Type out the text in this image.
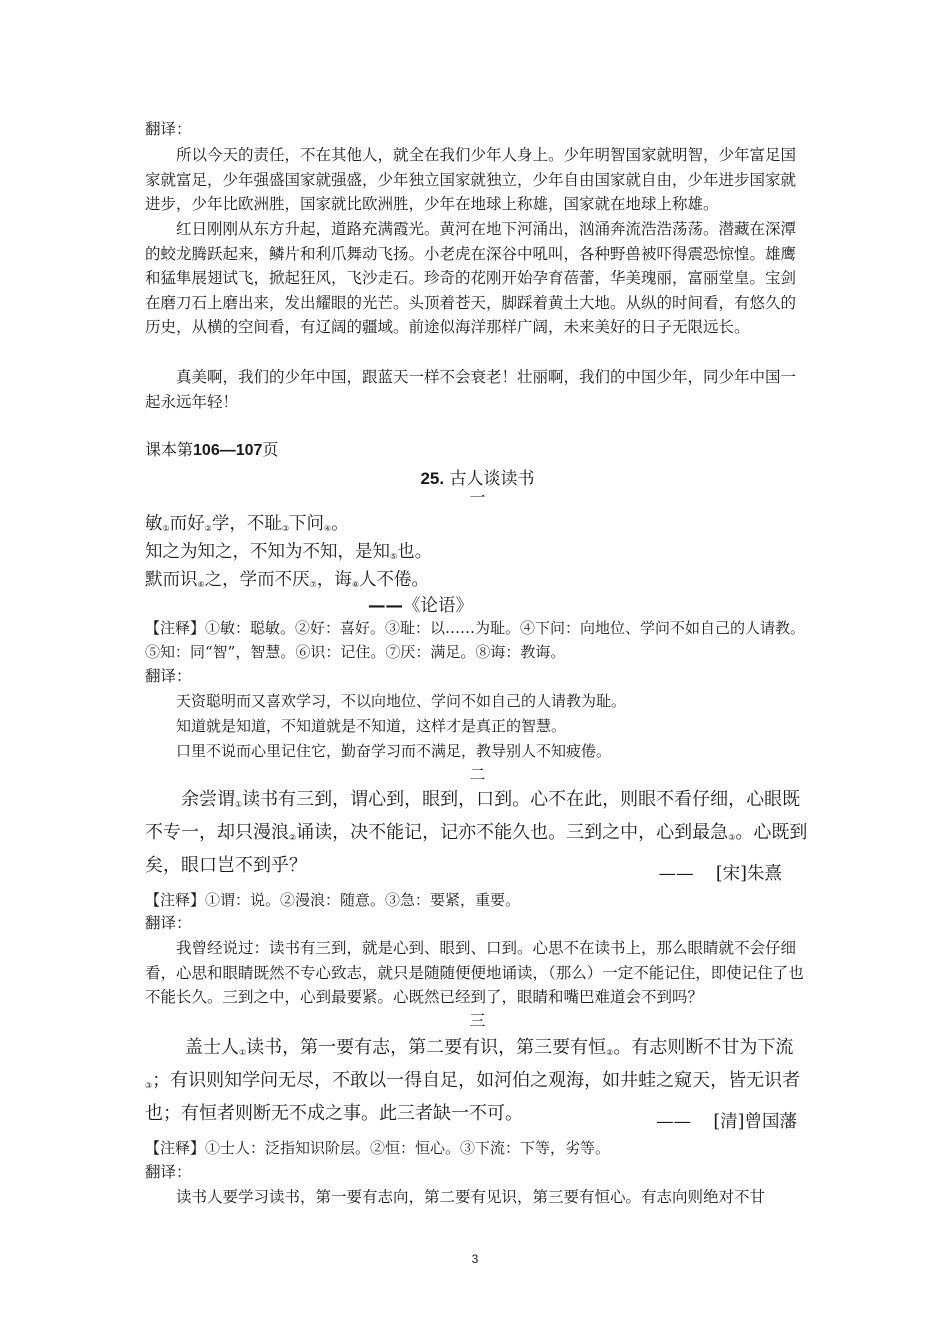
翻译：
所以今天的责任，不在其他人，就全在我们少年人身上。少年明智国家就明智，少年富足国家就富足，少年强盛国家就强盛，少年独立国家就独立，少年自由国家就自由，少年进步国家就进步，少年比欧洲胜，国家就比欧洲胜，少年在地球上称雄，国家就在地球上称雄。
红日刚刚从东方升起，道路充满霞光。黄河在地下河涌出，汹涌奔流浩浩荡荡。潜藏在深潭的蛟龙腾跃起来，鳞片和利爪舞动飞扬。小老虎在深谷中吼叫，各种野兽被吓得震恐惊惶。雄鹰和猛隼展翅试飞，掀起狂风，飞沙走石。珍奇的花刚开始孕育蓓蕾，华美瑰丽，富丽堂皇。宝剑在磨刀石上磨出来，发出耀眼的光芒。头顶着苍天，脚踩着黄土大地。从纵的时间看，有悠久的历史，从横的空间看，有辽阔的疆域。前途似海洋那样广阔，未来美好的日子无限远长。
真美啊，我们的少年中国，跟蓝天一样不会衰老！壮丽啊，我们的中国少年，同少年中国一起永远年轻！
课本第106—107页
25. 古人谈读书
一
敏$_①$而好$_②$学，不耻$_③$下问$_④$。
知之为知之，不知为不知，是知$_⑤$也。
默而识$_⑥$之，学而不厌$_⑦$，诲$_⑧$人不倦。
——《论语》
【注释】①敏：聪敏。②好：喜好。③耻：以……为耻。④下问：向地位、学问不如自己的人请教。⑤知：同“智”，智慧。⑥识：记住。⑦厌：满足。⑧诲：教诲。
翻译：
天资聪明而又喜欢学习，不以向地位、学问不如自己的人请教为耻。
知道就是知道，不知道就是不知道，这样才是真正的智慧。
口里不说而心里记住它，勤奋学习而不满足，教导别人不知疲倦。
二
余尝谓$_①$读书有三到，谓心到，眼到，口到。心不在此，则眼不看仔细，心眼既不专一，却只漫浪$_②$诵读，决不能记，记亦不能久也。三到之中，心到最急$_③$。心既到矣，眼口岂不到乎？	—— [宋]朱熹
【注释】①谓：说。②漫浪：随意。③急：要紧，重要。
翻译：
我曾经说过：读书有三到，就是心到、眼到、口到。心思不在读书上，那么眼睛就不会仔细看，心思和眼睛既然不专心致志，就只是随随便便地诵读，（那么）一定不能记住，即使记住了也不能长久。三到之中，心到最要紧。心既然已经到了，眼睛和嘴巴难道会不到吗？
三
盖士人$_①$读书，第一要有志，第二要有识，第三要有恒$_②$。有志则断不甘为下流$_③$；有识则知学问无尽，不敢以一得自足，如河伯之观海，如井蛙之窥天，皆无识者也；有恒者则断无不成之事。此三者缺一不可。	—— [清]曾国藩
【注释】①士人：泛指知识阶层。②恒：恒心。③下流：下等，劣等。
翻译：
读书人要学习读书，第一要有志向，第二要有见识，第三要有恒心。有志向则绝对不甘
3
